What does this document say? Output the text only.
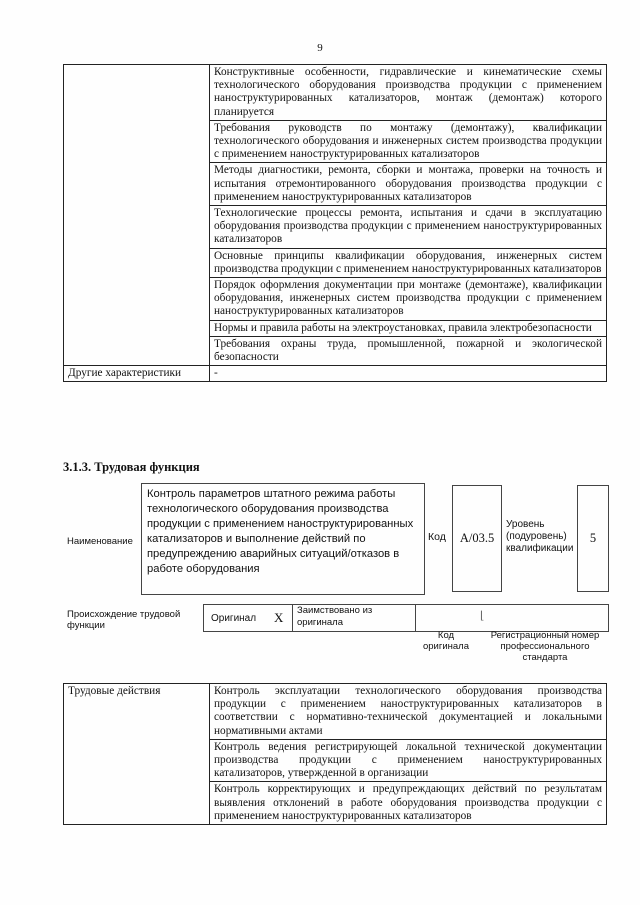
9
	Конструктивные особенности, гидравлические и кинематические схемы технологического оборудования производства продукции с применением наноструктурированных катализаторов, монтаж (демонтаж) которого планируется
	Требования руководств по монтажу (демонтажу), квалификации технологического оборудования и инженерных систем производства продукции с применением наноструктурированных катализаторов
	Методы диагностики, ремонта, сборки и монтажа, проверки на точность и испытания отремонтированного оборудования производства продукции с применением наноструктурированных катализаторов
	Технологические процессы ремонта, испытания и сдачи в эксплуатацию оборудования производства продукции с применением наноструктурированных катализаторов
	Основные принципы квалификации оборудования, инженерных систем производства продукции с применением наноструктурированных катализаторов
	Порядок оформления документации при монтаже (демонтаже), квалификации оборудования, инженерных систем производства продукции с применением наноструктурированных катализаторов
	Нормы и правила работы на электроустановках, правила электробезопасности
	Требования охраны труда, промышленной, пожарной и экологической безопасности
Другие характеристики	-
3.1.3. Трудовая функция
Наименование
Контроль параметров штатного режима работы технологического оборудования производства продукции с применением наноструктурированных катализаторов и выполнение действий по предупреждению аварийных ситуаций/отказов в работе оборудования
Код	A/03.5
Уровень (подуровень) квалификации
5
Происхождение трудовой функции
Оригинал X Заимствовано из оригинала
⌊
Код оригинала
Регистрационный номер профессионального стандарта
Трудовые действия	Контроль эксплуатации технологического оборудования производства продукции с применением наноструктурированных катализаторов в соответствии с нормативно-технической документацией и локальными нормативными актами
Контроль ведения регистрирующей локальной технической документации производства продукции с применением наноструктурированных катализаторов, утвержденной в организации
Контроль корректирующих и предупреждающих действий по результатам выявления отклонений в работе оборудования производства продукции с применением наноструктурированных катализаторов
